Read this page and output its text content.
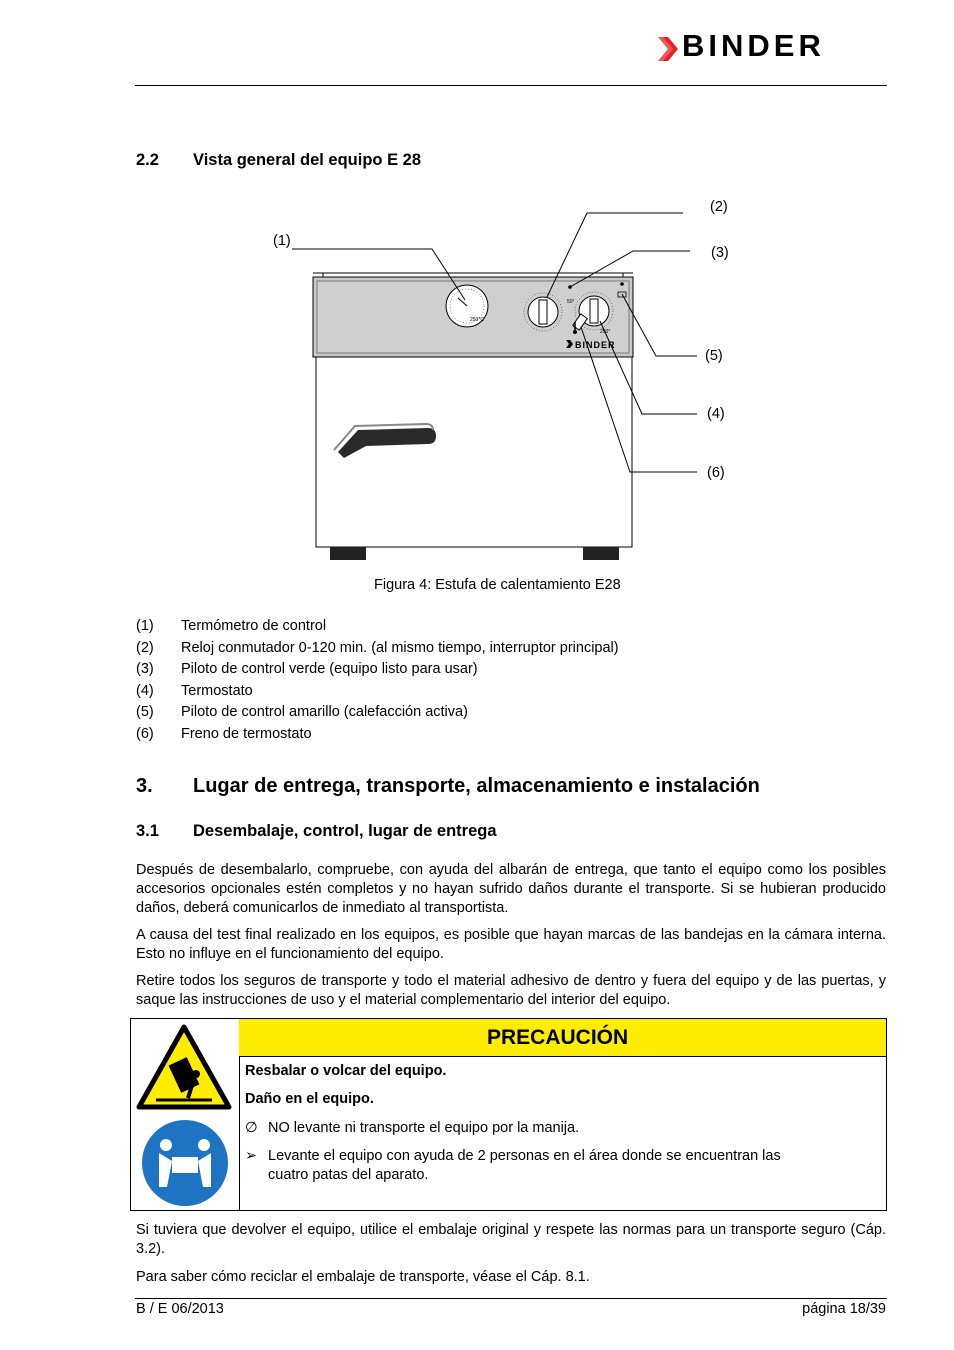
BINDER
2.2 Vista general del equipo E 28
250°C
50°
250°
BINDER
(1)
(2)
(3)
(4)
(5)
(6)
Figura 4: Estufa de calentamiento E28
(1) Termómetro de control
(2) Reloj conmutador 0-120 min. (al mismo tiempo, interruptor principal)
(3) Piloto de control verde (equipo listo para usar)
(4) Termostato
(5) Piloto de control amarillo (calefacción activa)
(6) Freno de termostato
3. Lugar de entrega, transporte, almacenamiento e instalación
3.1 Desembalaje, control, lugar de entrega

Después de desembalarlo, compruebe, con ayuda del albarán de entrega, que tanto el equipo como los posibles accesorios opcionales estén completos y no hayan sufrido daños durante el transporte. Si se hubieran producido daños, deberá comunicarlos de inmediato al transportista.

A causa del test final realizado en los equipos, es posible que hayan marcas de las bandejas en la cámara interna. Esto no influye en el funcionamiento del equipo.

Retire todos los seguros de transporte y todo el material adhesivo de dentro y fuera del equipo y de las puertas, y saque las instrucciones de uso y el material complementario del interior del equipo.

PRECAUCIÓN
Resbalar o volcar del equipo.
Daño en el equipo.
∅ NO levante ni transporte el equipo por la manija.
➢ Levante el equipo con ayuda de 2 personas en el área donde se encuentran las
cuatro patas del aparato.

Si tuviera que devolver el equipo, utilice el embalaje original y respete las normas para un transporte seguro (Cáp. 3.2).

Para saber cómo reciclar el embalaje de transporte, véase el Cáp. 8.1.

B / E 06/2013	página 18/39
